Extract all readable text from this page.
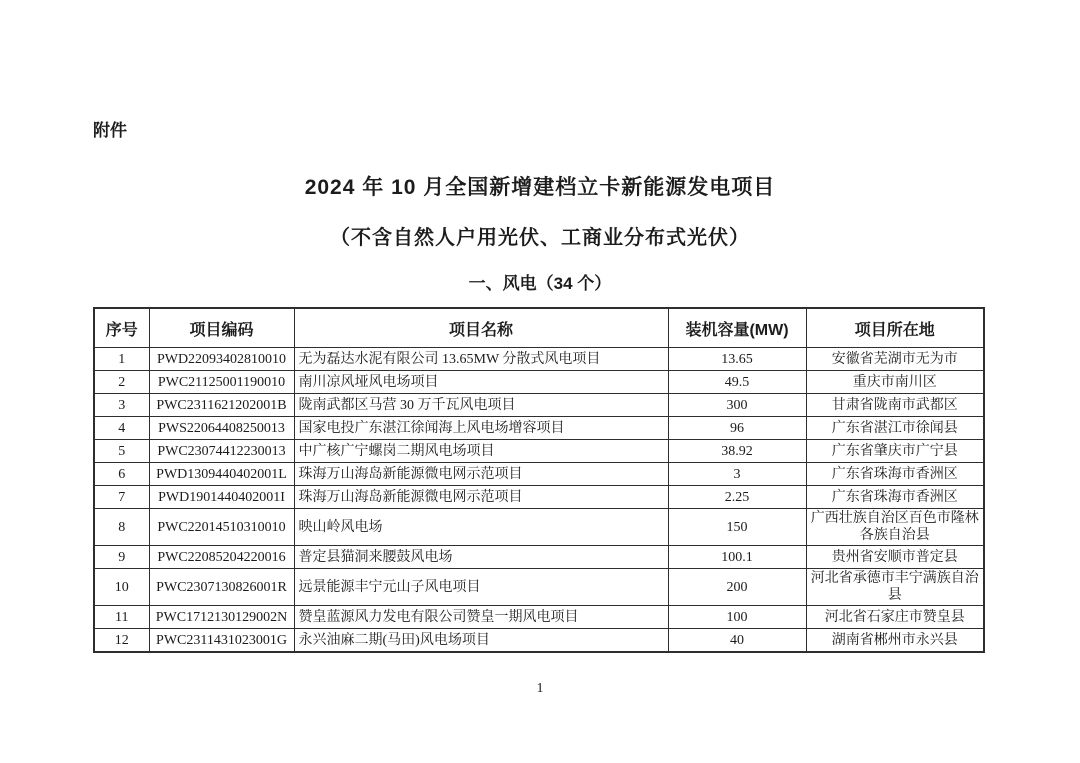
附件
2024 年 10 月全国新增建档立卡新能源发电项目
（不含自然人户用光伏、工商业分布式光伏）
一、风电（34 个）
序号	项目编码	项目名称	装机容量(MW)	项目所在地
1	PWD22093402810010	无为磊达水泥有限公司 13.65MW 分散式风电项目	13.65	安徽省芜湖市无为市
2	PWC21125001190010	南川凉风垭风电场项目	49.5	重庆市南川区
3	PWC2311621202001B	陇南武都区马营 30 万千瓦风电项目	300	甘肃省陇南市武都区
4	PWS22064408250013	国家电投广东湛江徐闻海上风电场增容项目	96	广东省湛江市徐闻县
5	PWC23074412230013	中广核广宁螺岗二期风电场项目	38.92	广东省肇庆市广宁县
6	PWD1309440402001L	珠海万山海岛新能源微电网示范项目	3	广东省珠海市香洲区
7	PWD1901440402001I	珠海万山海岛新能源微电网示范项目	2.25	广东省珠海市香洲区
8	PWC22014510310010	映山岭风电场	150	广西壮族自治区百色市隆林各族自治县
9	PWC22085204220016	普定县猫洞来腰鼓风电场	100.1	贵州省安顺市普定县
10	PWC2307130826001R	远景能源丰宁元山子风电项目	200	河北省承德市丰宁满族自治县
11	PWC1712130129002N	赞皇蓝源风力发电有限公司赞皇一期风电项目	100	河北省石家庄市赞皇县
12	PWC2311431023001G	永兴油麻二期(马田)风电场项目	40	湖南省郴州市永兴县
1
